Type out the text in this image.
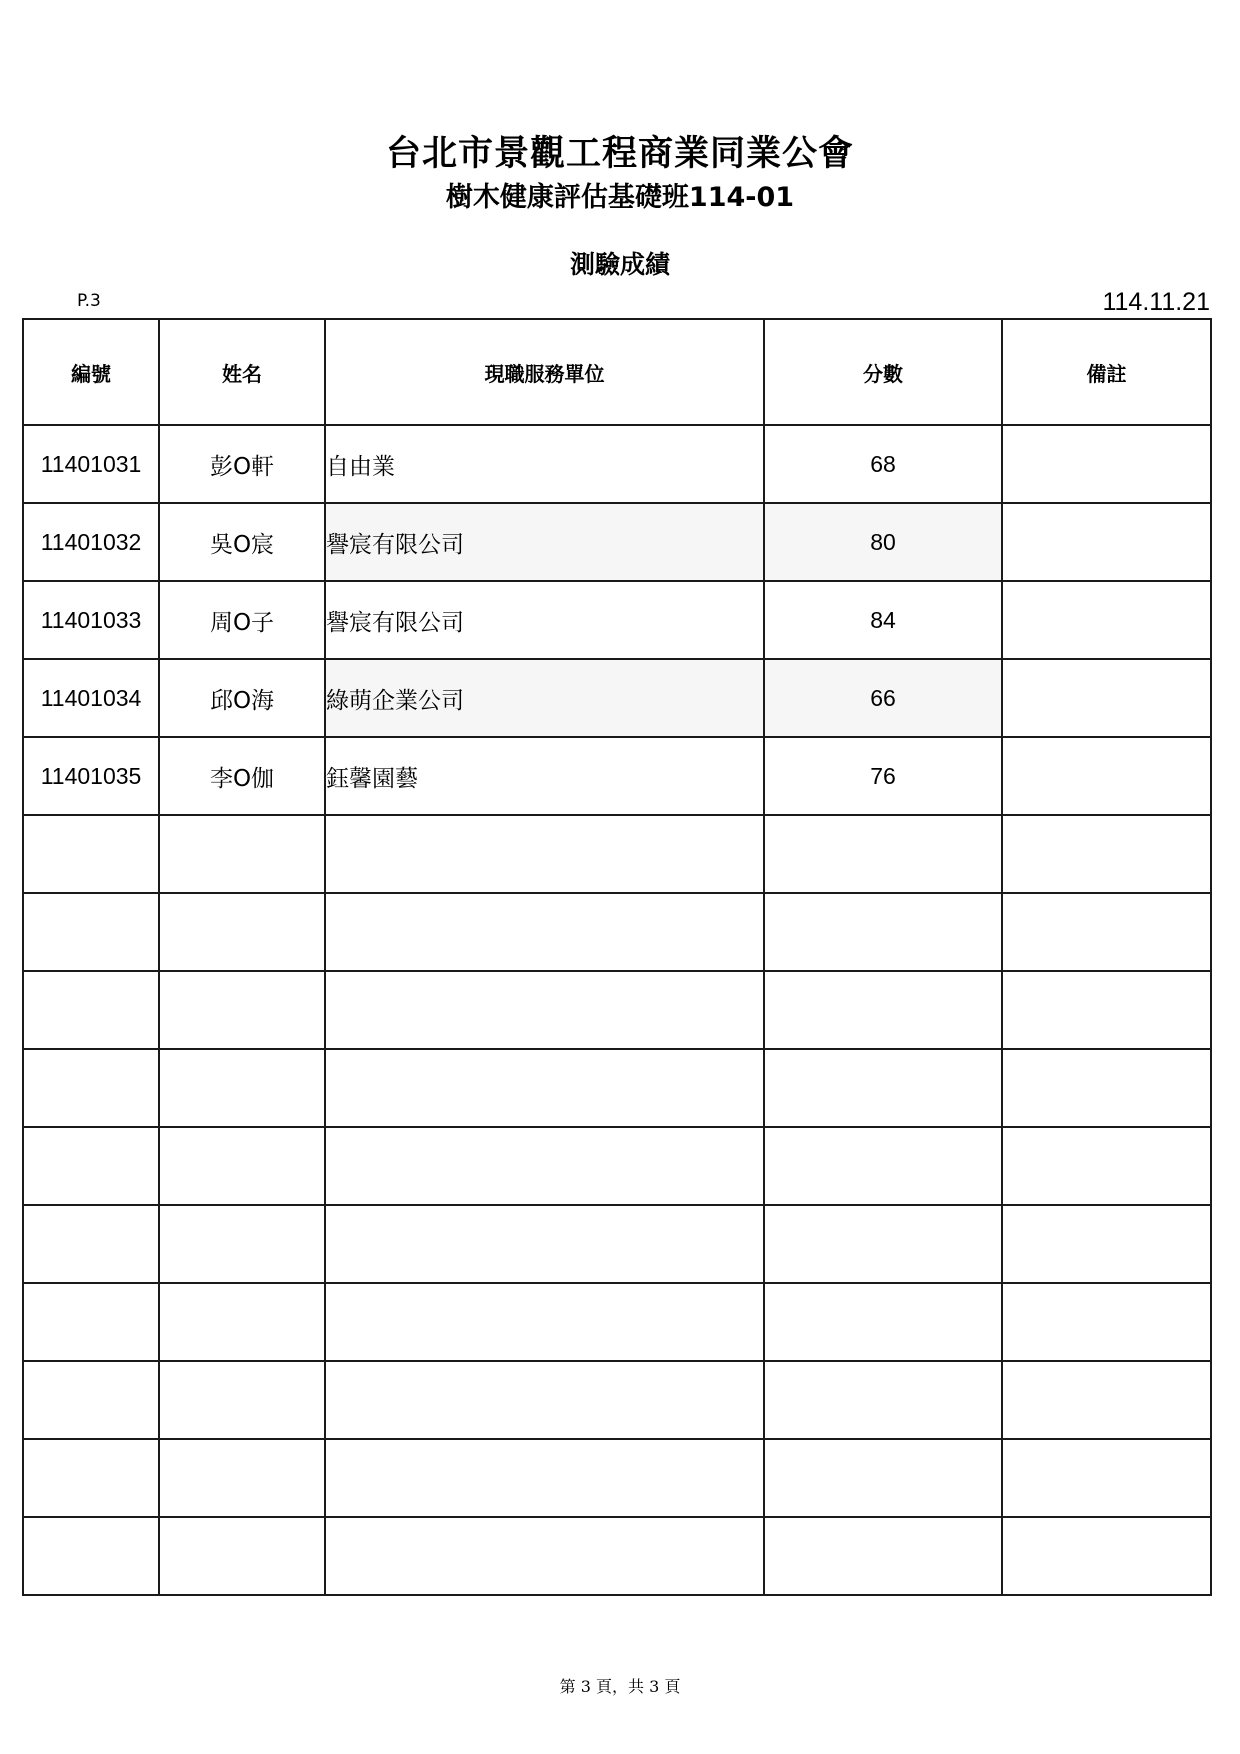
台北市景觀工程商業同業公會
樹木健康評估基礎班114-01
測驗成績
P.3	114.11.21
編號	姓名	現職服務單位	分數	備註
11401031	彭O軒	自由業	68	
11401032	吳O宸	譽宸有限公司	80	
11401033	周O子	譽宸有限公司	84	
11401034	邱O海	綠萌企業公司	66	
11401035	李O伽	鈺馨園藝	76	

第 3 頁，共 3 頁
